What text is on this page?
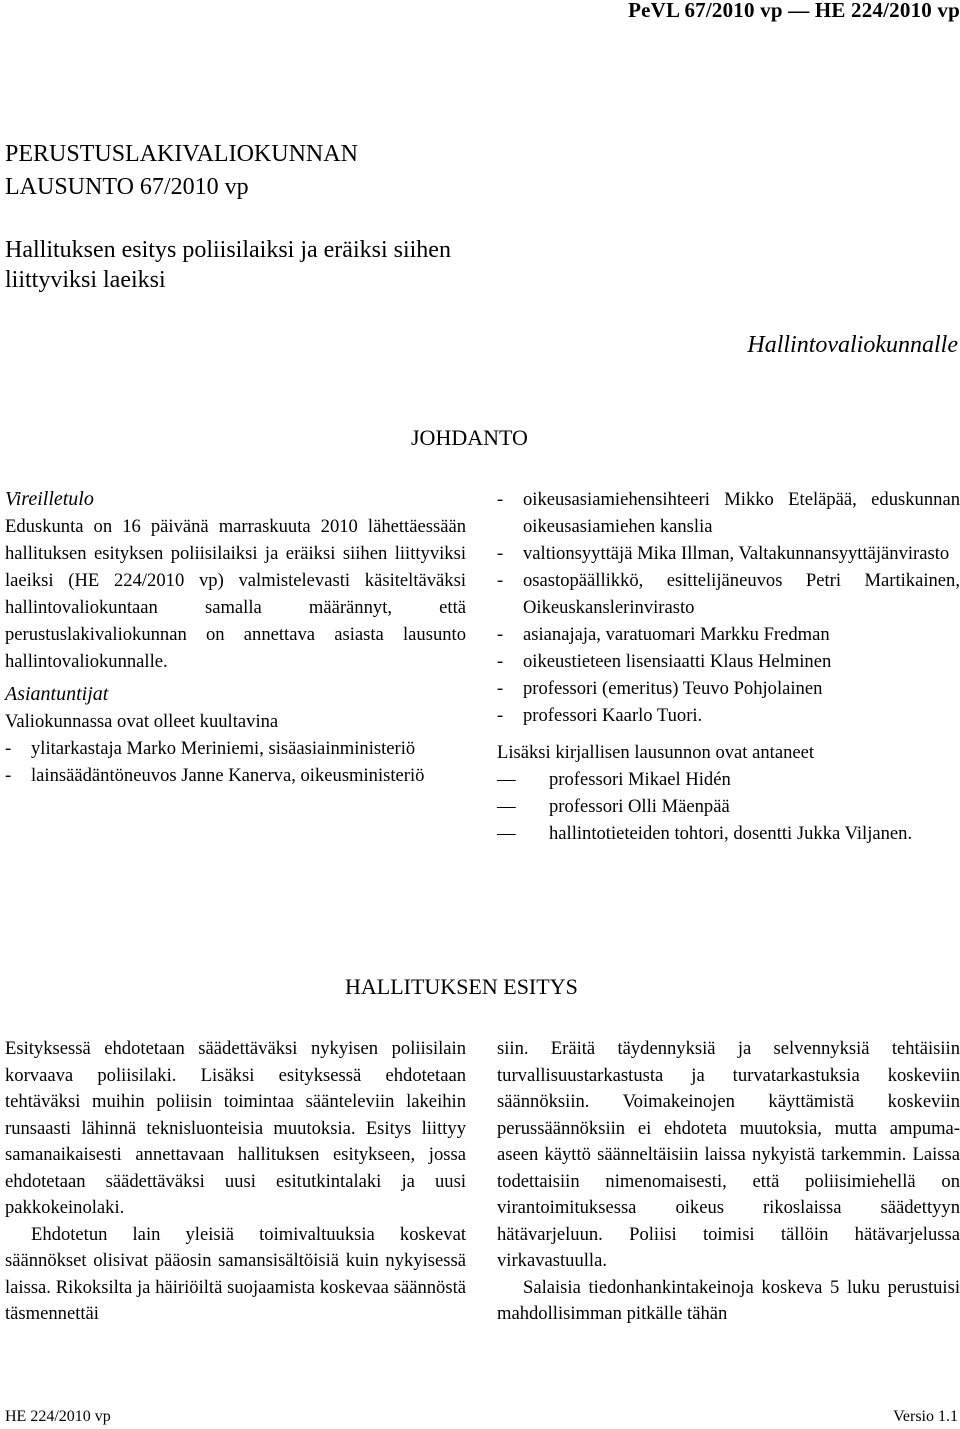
PeVL 67/2010 vp — HE 224/2010 vp
PERUSTUSLAKIVALIOKUNNAN
LAUSUNTO 67/2010 vp
Hallituksen esitys poliisilaiksi ja eräiksi siihen
liittyviksi laeiksi
Hallintovaliokunnalle
JOHDANTO
Vireilletulo

Eduskunta on 16 päivänä marraskuuta 2010 lähettäessään hallituksen esityksen poliisilaiksi ja eräiksi siihen liittyviksi laeiksi (HE 224/2010 vp) valmistelevasti käsiteltäväksi hallintovaliokuntaan samalla määrännyt, että perustuslakivaliokunnan on annettava asiasta lausunto hallintovaliokunnalle.

Asiantuntijat

Valiokunnassa ovat olleet kuultavina

- ylitarkastaja Marko Meriniemi, sisäasiainministeriö
- lainsäädäntöneuvos Janne Kanerva, oikeusministeriö
- oikeusasiamiehensihteeri Mikko Eteläpää, eduskunnan oikeusasiamiehen kanslia
- valtionsyyttäjä Mika Illman, Valtakunnansyyttäjänvirasto
- osastopäällikkö, esittelijäneuvos Petri Martikainen, Oikeuskanslerinvirasto
- asianajaja, varatuomari Markku Fredman
- oikeustieteen lisensiaatti Klaus Helminen
- professori (emeritus) Teuvo Pohjolainen
- professori Kaarlo Tuori.

Lisäksi kirjallisen lausunnon ovat antaneet

— professori Mikael Hidén
— professori Olli Mäenpää
— hallintotieteiden tohtori, dosentti Jukka Viljanen.
HALLITUKSEN ESITYS

Esityksessä ehdotetaan säädettäväksi nykyisen poliisilain korvaava poliisilaki. Lisäksi esityksessä ehdotetaan tehtäväksi muihin poliisin toimintaa säänteleviin lakeihin runsaasti lähinnä teknisluonteisia muutoksia. Esitys liittyy samanaikaisesti annettavaan hallituksen esitykseen, jossa ehdotetaan säädettäväksi uusi esitutkintalaki ja uusi pakkokeinolaki.

Ehdotetun lain yleisiä toimivaltuuksia koskevat säännökset olisivat pääosin samansisältöisiä kuin nykyisessä laissa. Rikoksilta ja häiriöiltä suojaamista koskevaa säännöstä täsmennettäi

siin. Eräitä täydennyksiä ja selvennyksiä tehtäisiin turvallisuustarkastusta ja turvatarkastuksia koskeviin säännöksiin. Voimakeinojen käyttämistä koskeviin perussäännöksiin ei ehdoteta muutoksia, mutta ampuma-aseen käyttö säänneltäisiin laissa nykyistä tarkemmin. Laissa todettaisiin nimenomaisesti, että poliisimiehellä on virantoimituksessa oikeus rikoslaissa säädettyyn hätävarjeluun. Poliisi toimisi tällöin hätävarjelussa virkavastuulla.

Salaisia tiedonhankintakeinoja koskeva 5 luku perustuisi mahdollisimman pitkälle tähän

HE 224/2010 vp	Versio 1.1
